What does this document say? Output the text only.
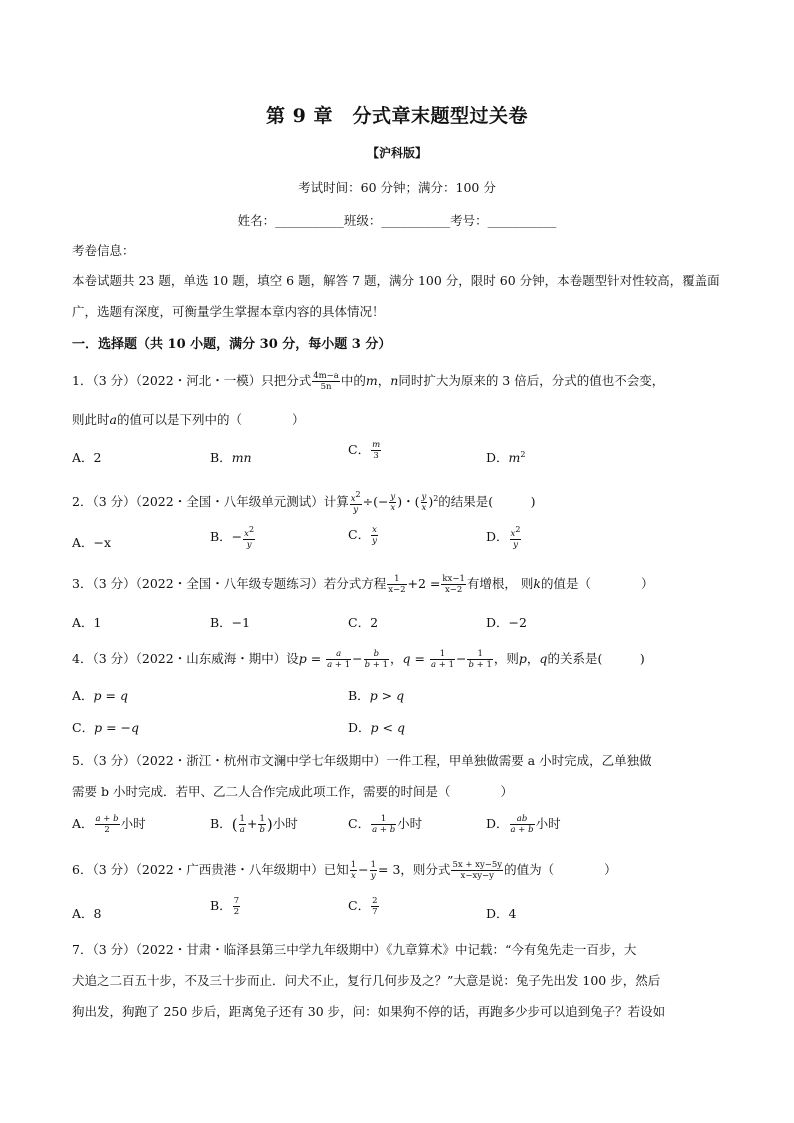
第 9 章　分式章末题型过关卷
【沪科版】
考试时间：60 分钟；满分：100 分
姓名：___________班级：___________考号：___________
考卷信息：
本卷试题共 23 题，单选 10 题，填空 6 题，解答 7 题，满分 100 分，限时 60 分钟，本卷题型针对性较高，覆盖面广，选题有深度，可衡量学生掌握本章内容的具体情况！
一．选择题（共 10 小题，满分 30 分，每小题 3 分）
1．（3 分）（2022・河北・一模）只把分式 $\frac{4m-a}{5n}$ 中的m，n同时扩大为原来的 3 倍后，分式的值也不会变，
则此时a的值可以是下列中的（　　　　）
A．2	B．mn
C． $\frac{m}{3}$	D．$m^2$
2．（3 分）（2022・全国・八年级单元测试）计算 $\frac{x^2}{y}$ ÷(− $\frac{y}{x}$ )・( $\frac{y}{x} )^2$的结果是(　　　)
A．−x	B．− $\frac{x^2}{y}$	C． $\frac{x}{y}$	D． $\frac{x^2}{y}$
3．（3 分）（2022・全国・八年级专题练习）若分式方程 $\frac{1}{x-2} +2 = \frac{kx-1}{x-2}$ 有增根， 则k的值是（　　　　）
A．1	B．−1	C．2	D．−2
4．（3 分）（2022・山东威海・期中）设$p = \frac{a}{a + 1} - \frac{b}{b + 1}$ ，$q = \frac{1}{a + 1} - \frac{1}{b + 1}$ ，则p，q的关系是(　　　)
A．p = q	B．p > q
C．p = −q	D．p < q
5．（3 分）（2022・浙江・杭州市文澜中学七年级期中）一件工程，甲单独做需要 a 小时完成，乙单独做
需要 b 小时完成．若甲、乙二人合作完成此项工作，需要的时间是（　　　　）
A． $\frac{a + b}{2}$ 小时	B．( $\frac{1}{a} + \frac{1}{b}$ )小时	C． $\frac{1}{a + b}$ 小时	D． $\frac{ab}{a + b}$ 小时
6．（3 分）（2022・广西贵港・八年级期中）已知 $\frac{1}{x} - \frac{1}{y} = 3$，则分式 $\frac{5x + xy-5y}{x-xy-y}$ 的值为（　　　　）
A．8
B． $\frac{7}{2}$	C． $\frac{2}{7}$	D．4
7．（3 分）（2022・甘肃・临泽县第三中学九年级期中）《九章算术》中记载：“今有兔先走一百步，大
犬追之二百五十步，不及三十步而止．问犬不止，复行几何步及之？”大意是说：兔子先出发 100 步，然后
狗出发，狗跑了 250 步后，距离兔子还有 30 步，问：如果狗不停的话，再跑多少步可以追到兔子？若设如
